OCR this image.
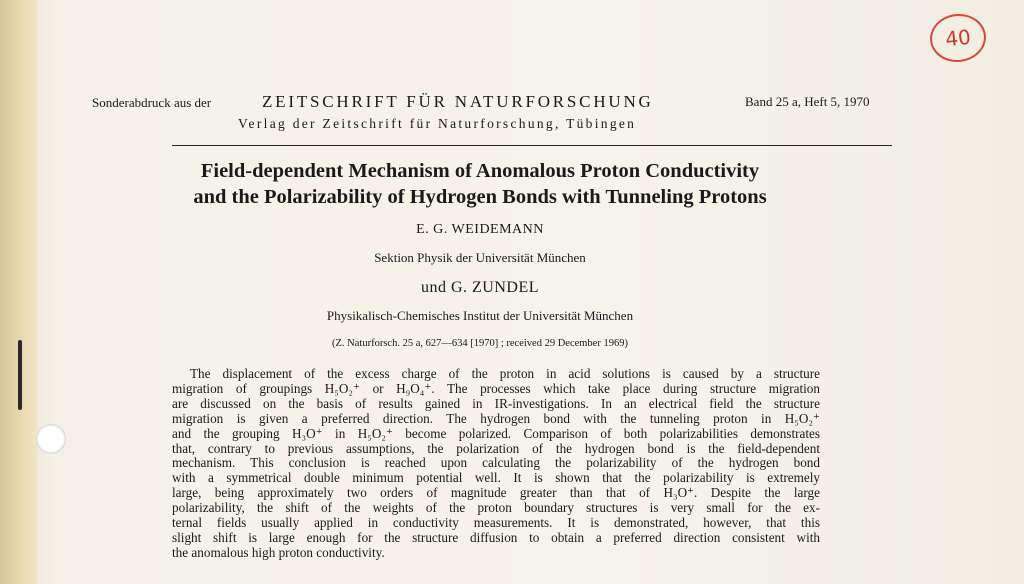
40
Sonderabdruck aus der	ZEITSCHRIFT FÜR NATURFORSCHUNG	Band 25 a, Heft 5, 1970
Verlag der Zeitschrift für Naturforschung, Tübingen
Field-dependent Mechanism of Anomalous Proton Conductivity
and the Polarizability of Hydrogen Bonds with Tunneling Protons
E. G. WEIDEMANN
Sektion Physik der Universität München
und G. ZUNDEL
Physikalisch-Chemisches Institut der Universität München
(Z. Naturforsch. 25 a, 627—634 [1970] ; received 29 December 1969)
The displacement of the excess charge of the proton in acid solutions is caused by a structure
migration of groupings H₅O₂⁺ or H₉O₄⁺. The processes which take place during structure migration
are discussed on the basis of results gained in IR-investigations. In an electrical field the structure
migration is given a preferred direction. The hydrogen bond with the tunneling proton in H₅O₂⁺
and the grouping H₃O⁺ in H₅O₂⁺ become polarized. Comparison of both polarizabilities demonstrates
that, contrary to previous assumptions, the polarization of the hydrogen bond is the field-dependent
mechanism. This conclusion is reached upon calculating the polarizability of the hydrogen bond
with a symmetrical double minimum potential well. It is shown that the polarizability is extremely
large, being approximately two orders of magnitude greater than that of H₃O⁺. Despite the large
polarizability, the shift of the weights of the proton boundary structures is very small for the ex-
ternal fields usually applied in conductivity measurements. It is demonstrated, however, that this
slight shift is large enough for the structure diffusion to obtain a preferred direction consistent with
the anomalous high proton conductivity.
